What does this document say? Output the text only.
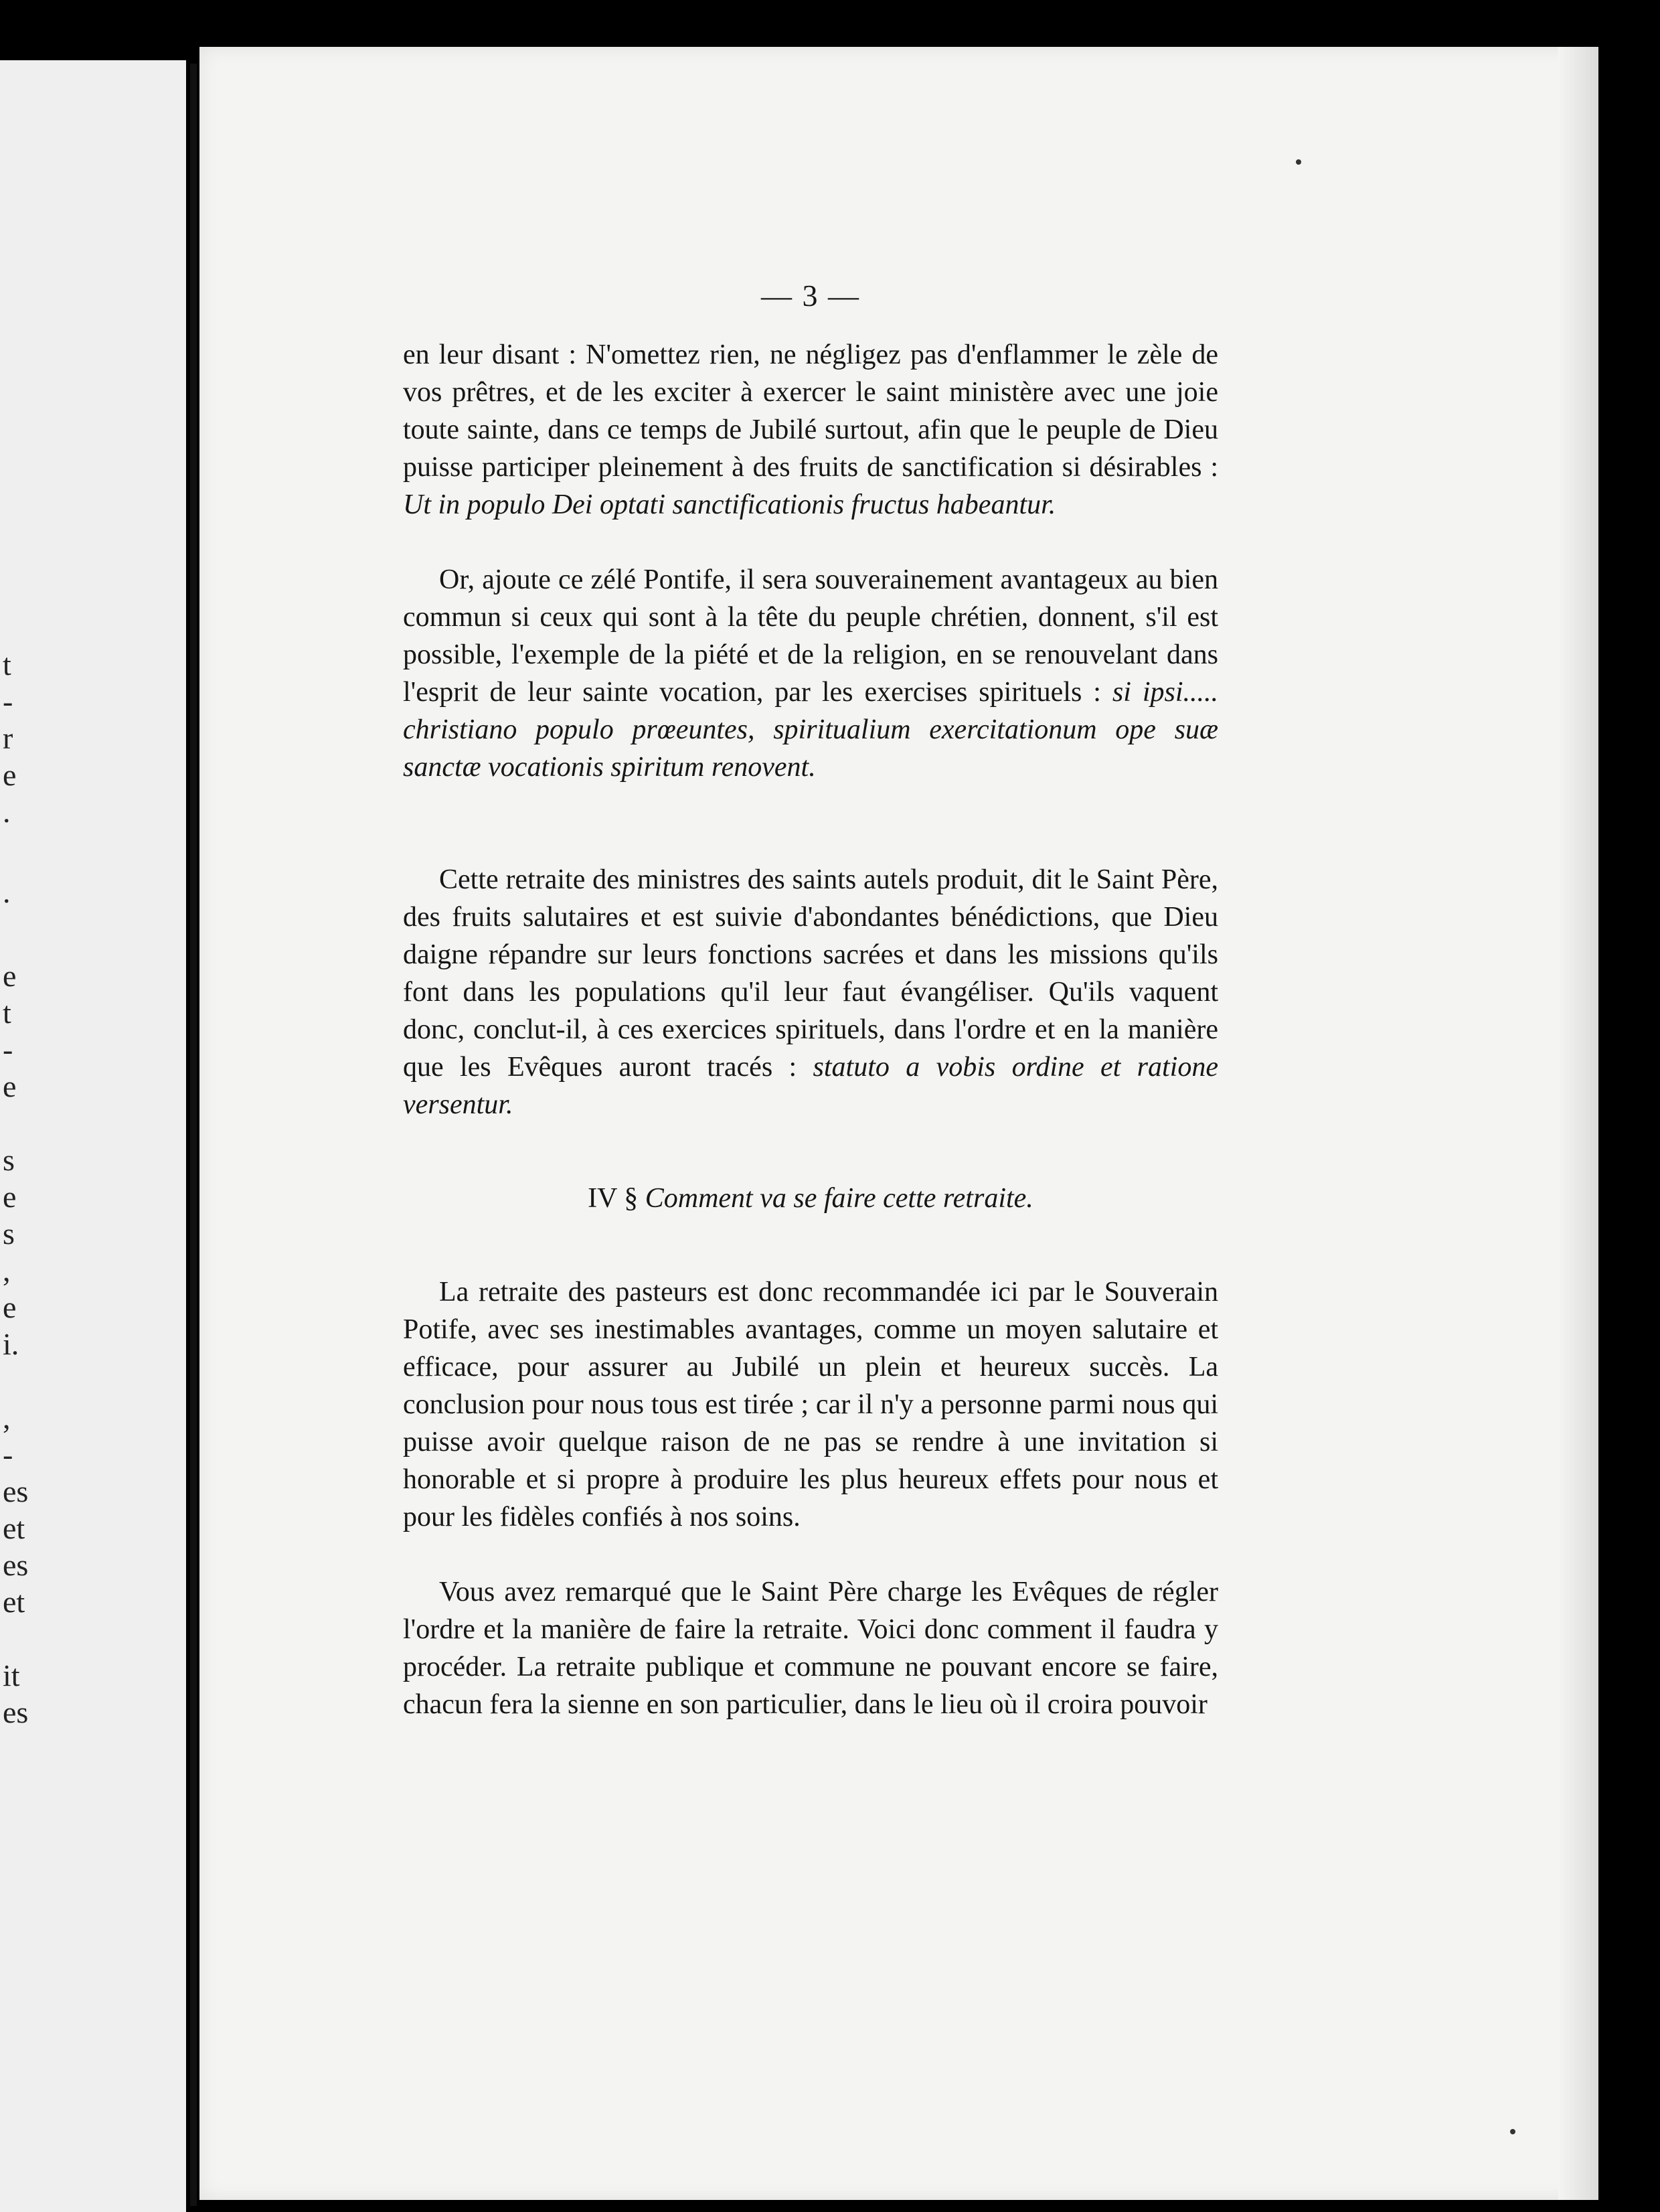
t
-
r
e
.
.
e
t
-
e
s
e
s
,
e
i.
,
-
es
et
es
et
it
es
— 3 —

en leur disant : N'omettez rien, ne négligez pas d'enflammer le zèle de vos prêtres, et de les exciter à exercer le saint ministère avec une joie toute sainte, dans ce temps de Jubilé surtout, afin que le peuple de Dieu puisse participer pleinement à des fruits de sanctification si désirables : Ut in populo Dei optati sanctificationis fructus habeantur.

Or, ajoute ce zélé Pontife, il sera souverainement avantageux au bien commun si ceux qui sont à la tête du peuple chrétien, donnent, s'il est possible, l'exemple de la piété et de la religion, en se renouvelant dans l'esprit de leur sainte vocation, par les exercises spirituels : si ipsi..... christiano populo prœeuntes, spiritualium exercitationum ope suæ sanctæ vocationis spiritum renovent.

Cette retraite des ministres des saints autels produit, dit le Saint Père, des fruits salutaires et est suivie d'abondantes bénédictions, que Dieu daigne répandre sur leurs fonctions sacrées et dans les missions qu'ils font dans les populations qu'il leur faut évangéliser. Qu'ils vaquent donc, conclut-il, à ces exercices spirituels, dans l'ordre et en la manière que les Evêques auront tracés : statuto a vobis ordine et ratione versentur.

IV § Comment va se faire cette retraite.

La retraite des pasteurs est donc recommandée ici par le Souverain Potife, avec ses inestimables avantages, comme un moyen salutaire et efficace, pour assurer au Jubilé un plein et heureux succès. La conclusion pour nous tous est tirée ; car il n'y a personne parmi nous qui puisse avoir quelque raison de ne pas se rendre à une invitation si honorable et si propre à produire les plus heureux effets pour nous et pour les fidèles confiés à nos soins.

Vous avez remarqué que le Saint Père charge les Evêques de régler l'ordre et la manière de faire la retraite. Voici donc comment il faudra y procéder. La retraite publique et commune ne pouvant encore se faire, chacun fera la sienne en son particulier, dans le lieu où il croira pouvoir
